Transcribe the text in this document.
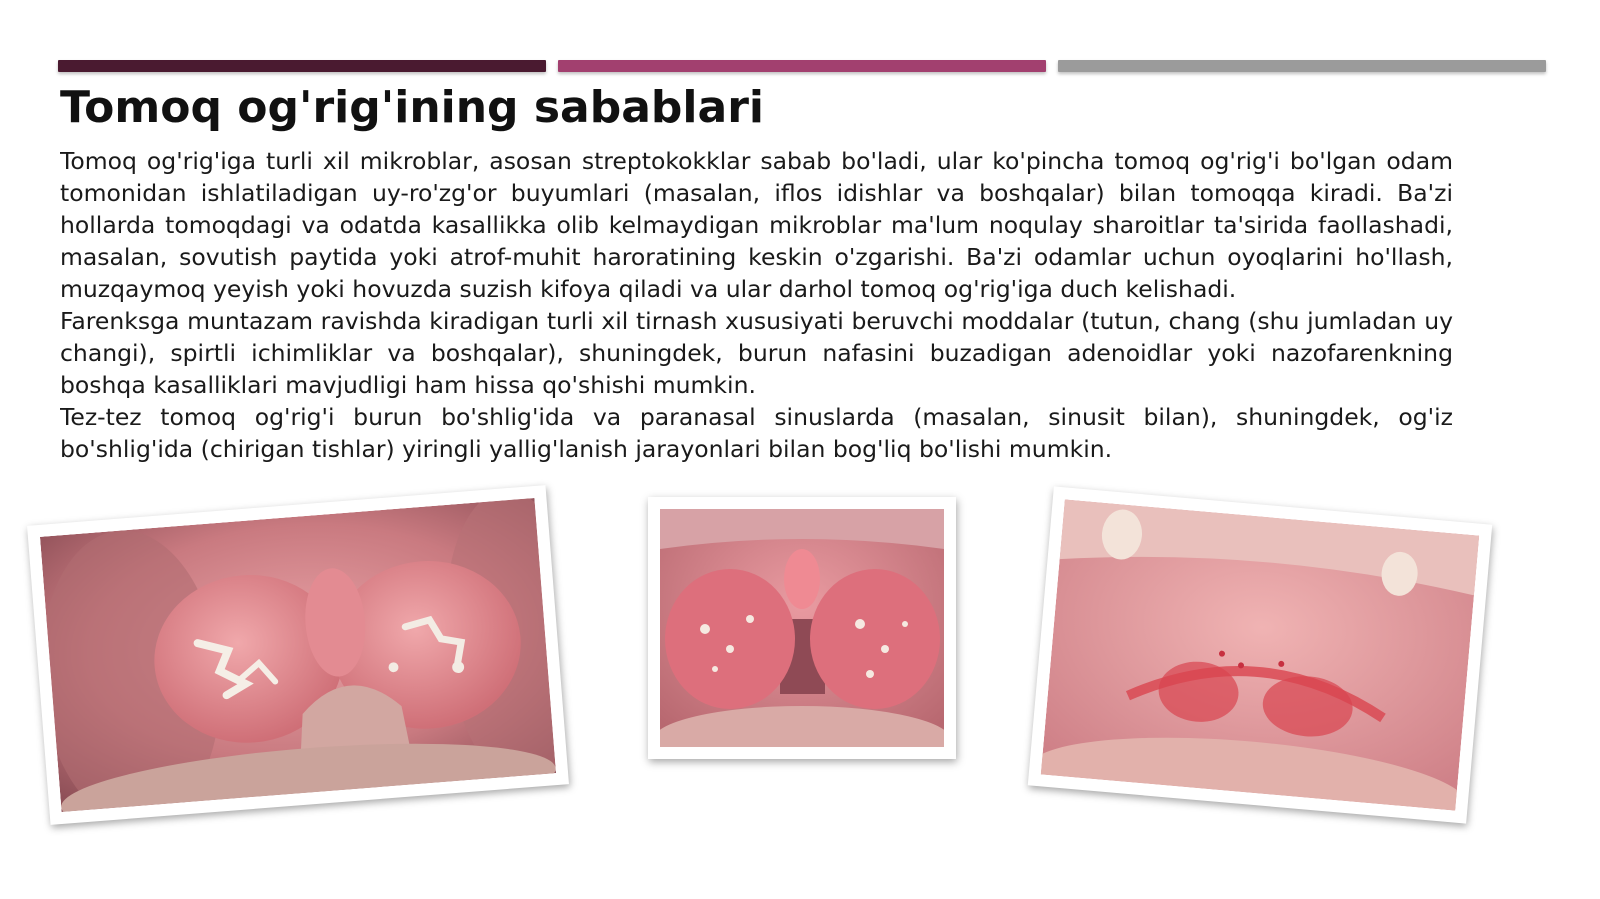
Tomoq og'rig'ining sabablari

Tomoq og'rig'iga turli xil mikroblar, asosan streptokokklar sabab bo'ladi, ular ko'pincha tomoq og'rig'i bo'lgan odam tomonidan ishlatiladigan uy-ro'zg'or buyumlari (masalan, iflos idishlar va boshqalar) bilan tomoqqa kiradi. Ba'zi hollarda tomoqdagi va odatda kasallikka olib kelmaydigan mikroblar ma'lum noqulay sharoitlar ta'sirida faollashadi, masalan, sovutish paytida yoki atrof-muhit haroratining keskin o'zgarishi. Ba'zi odamlar uchun oyoqlarini ho'llash, muzqaymoq yeyish yoki hovuzda suzish kifoya qiladi va ular darhol tomoq og'rig'iga duch kelishadi.

Farenksga muntazam ravishda kiradigan turli xil tirnash xususiyati beruvchi moddalar (tutun, chang (shu jumladan uy changi), spirtli ichimliklar va boshqalar), shuningdek, burun nafasini buzadigan adenoidlar yoki nazofarenkning boshqa kasalliklari mavjudligi ham hissa qo'shishi mumkin.

Tez-tez tomoq og'rig'i burun bo'shlig'ida va paranasal sinuslarda (masalan, sinusit bilan), shuningdek, og'iz bo'shlig'ida (chirigan tishlar) yiringli yallig'lanish jarayonlari bilan bog'liq bo'lishi mumkin.
